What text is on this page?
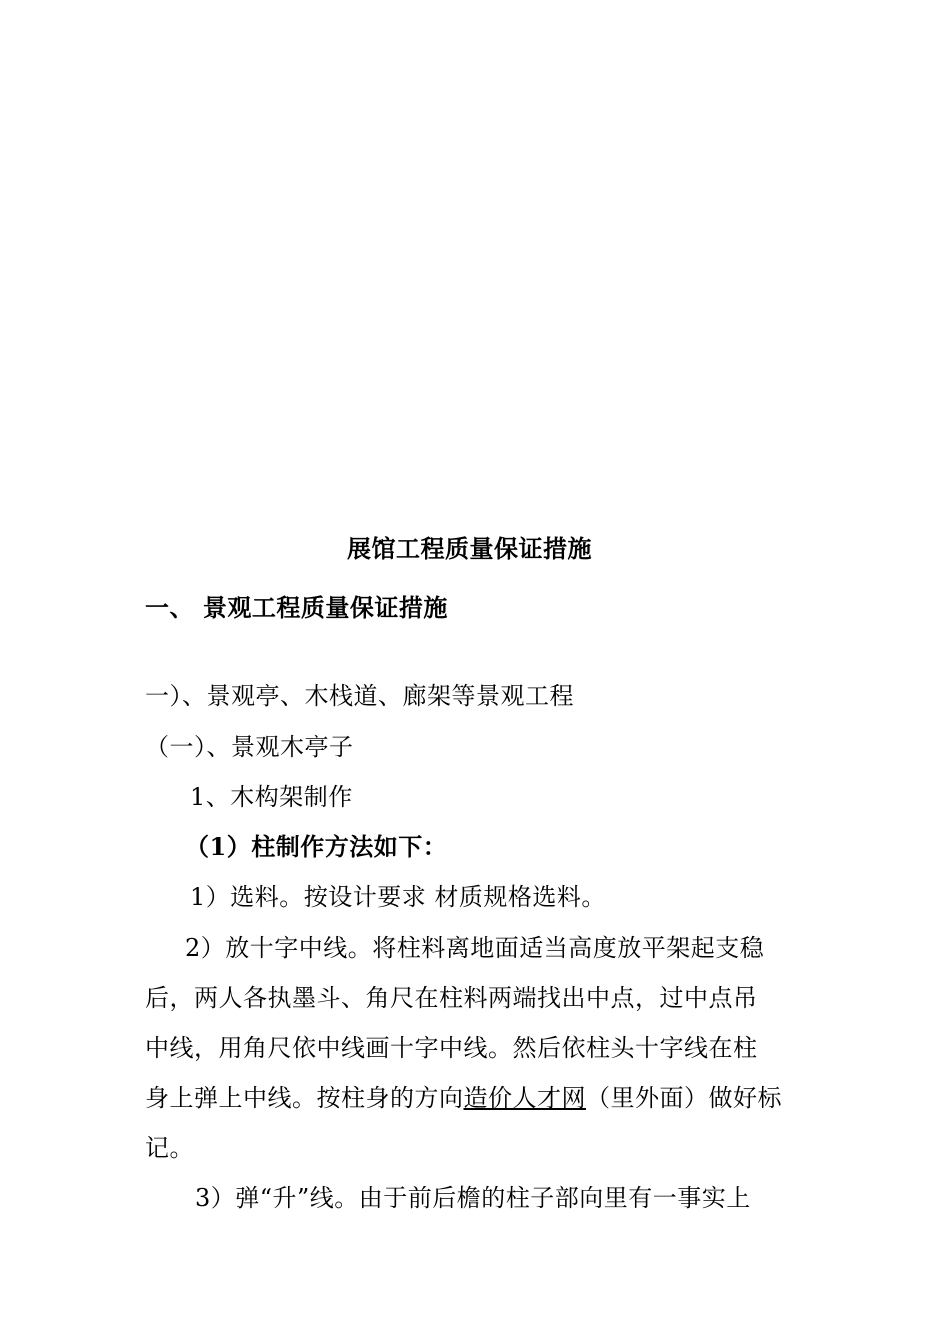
展馆工程质量保证措施
一、 景观工程质量保证措施
一）、景观亭、木栈道、廊架等景观工程
（一）、景观木亭子
1、木构架制作
（1）柱制作方法如下：
1）选料。按设计要求 材质规格选料。
2）放十字中线。将柱料离地面适当高度放平架起支稳
后，两人各执墨斗、角尺在柱料两端找出中点，过中点吊
中线，用角尺依中线画十字中线。然后依柱头十字线在柱
身上弹上中线。按柱身的方向造价人才网（里外面）做好标
记。
3）弹“升”线。由于前后檐的柱子部向里有一事实上
